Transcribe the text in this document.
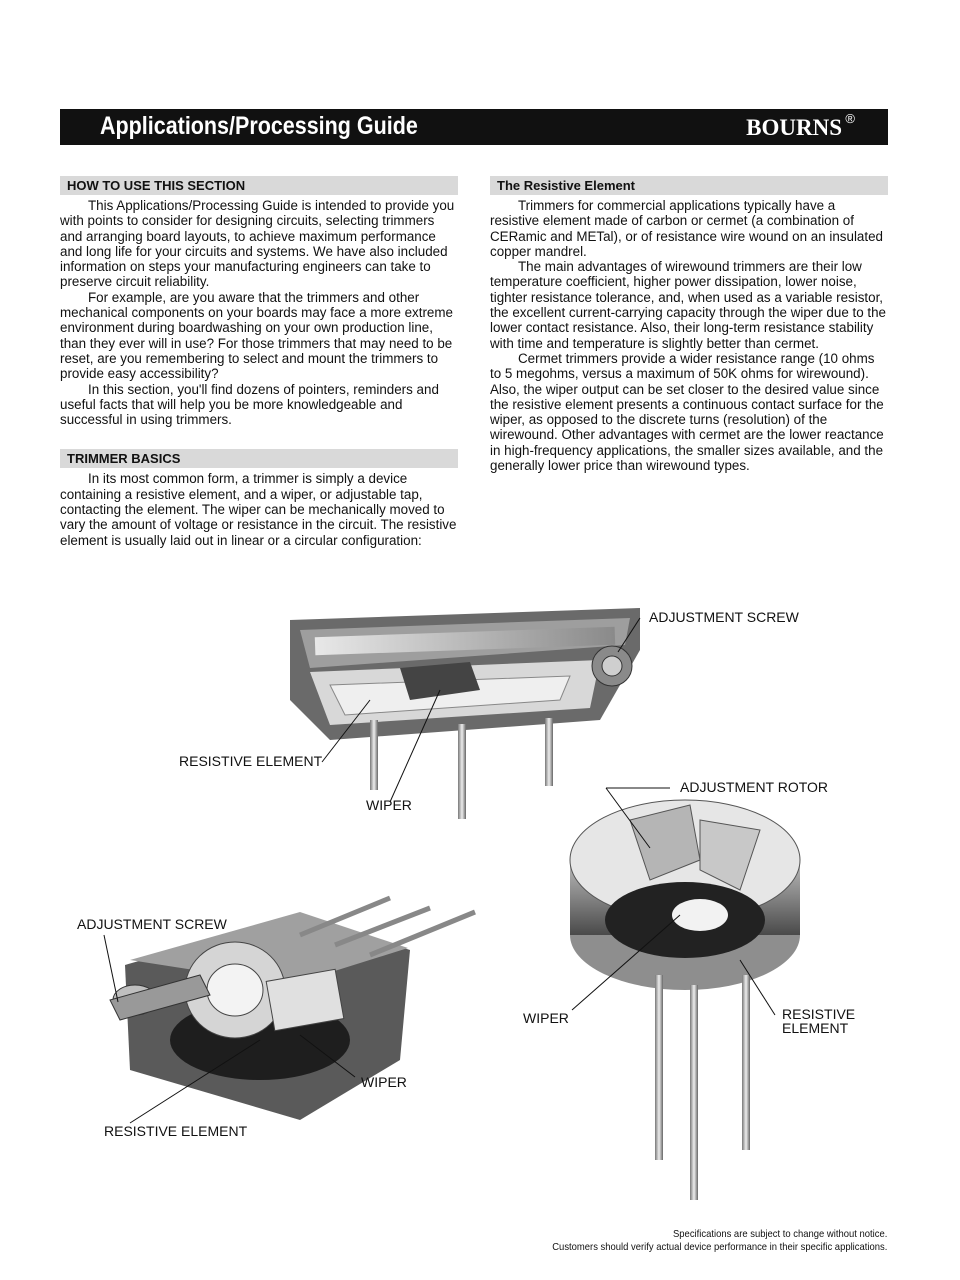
Applications/Processing Guide	BOURNS ®
HOW TO USE THIS SECTION

This Applications/Processing Guide is intended to provide you with points to consider for designing circuits, selecting trimmers and arranging board layouts, to achieve maximum performance and long life for your circuits and systems. We have also included information on steps your manufacturing engineers can take to preserve circuit reliability.

For example, are you aware that the trimmers and other mechanical components on your boards may face a more extreme environment during boardwashing on your own production line, than they ever will in use? For those trimmers that may need to be reset, are you remembering to select and mount the trimmers to provide easy accessibility?

In this section, you'll find dozens of pointers, reminders and useful facts that will help you be more knowledgeable and successful in using trimmers.

TRIMMER BASICS

In its most common form, a trimmer is simply a device containing a resistive element, and a wiper, or adjustable tap, contacting the element. The wiper can be mechanically moved to vary the amount of voltage or resistance in the circuit. The resistive element is usually laid out in linear or a circular configuration:

The Resistive Element

Trimmers for commercial applications typically have a resistive element made of carbon or cermet (a combination of CERamic and METal), or of resistance wire wound on an insulated copper mandrel.

The main advantages of wirewound trimmers are their low temperature coefficient, higher power dissipation, lower noise, tighter resistance tolerance, and, when used as a variable resistor, the excellent current-carrying capacity through the wiper due to the lower contact resistance. Also, their long-term resistance stability with time and temperature is slightly better than cermet.

Cermet trimmers provide a wider resistance range (10 ohms to 5 megohms, versus a maximum of 50K ohms for wirewound). Also, the wiper output can be set closer to the desired value since the resistive element presents a continuous contact surface for the wiper, as opposed to the discrete turns (resolution) of the wirewound. Other advantages with cermet are the lower reactance in high-frequency applications, the smaller sizes available, and the generally lower price than wirewound types.

ADJUSTMENT SCREW
RESISTIVE ELEMENT
WIPER
ADJUSTMENT ROTOR
ADJUSTMENT SCREW
WIPER	RESISTIVE
ELEMENT
WIPER
RESISTIVE ELEMENT
Specifications are subject to change without notice.
Customers should verify actual device performance in their specific applications.
